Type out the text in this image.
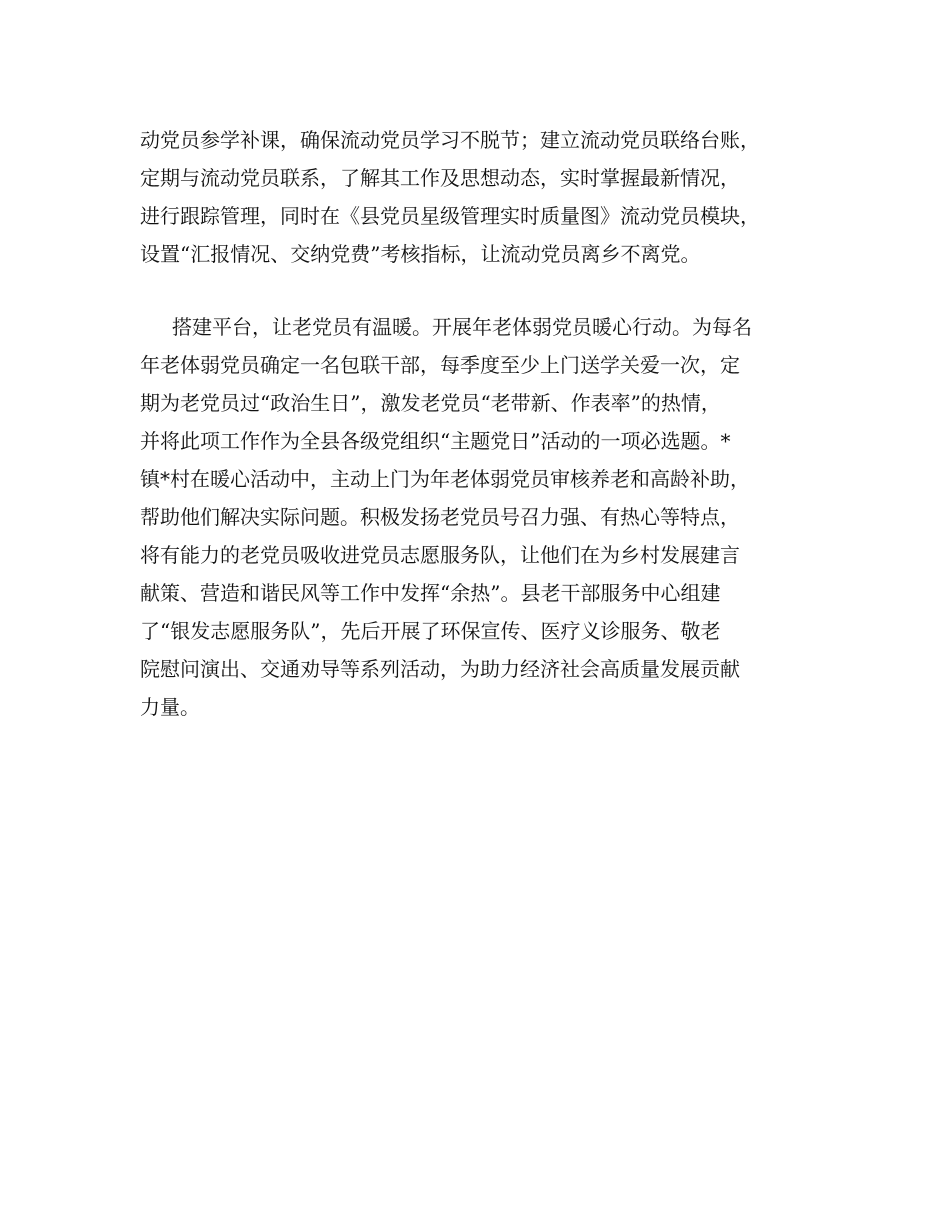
动党员参学补课，确保流动党员学习不脱节；建立流动党员联络台账，
定期与流动党员联系，了解其工作及思想动态，实时掌握最新情况，
进行跟踪管理，同时在《县党员星级管理实时质量图》流动党员模块，
设置“汇报情况、交纳党费”考核指标，让流动党员离乡不离党。
搭建平台，让老党员有温暖。开展年老体弱党员暖心行动。为每名
年老体弱党员确定一名包联干部，每季度至少上门送学关爱一次，定
期为老党员过“政治生日”，激发老党员“老带新、作表率”的热情，
并将此项工作作为全县各级党组织“主题党日”活动的一项必选题。*
镇*村在暖心活动中，主动上门为年老体弱党员审核养老和高龄补助，
帮助他们解决实际问题。积极发扬老党员号召力强、有热心等特点，
将有能力的老党员吸收进党员志愿服务队，让他们在为乡村发展建言
献策、营造和谐民风等工作中发挥“余热”。县老干部服务中心组建
了“银发志愿服务队”，先后开展了环保宣传、医疗义诊服务、敬老
院慰问演出、交通劝导等系列活动，为助力经济社会高质量发展贡献
力量。
